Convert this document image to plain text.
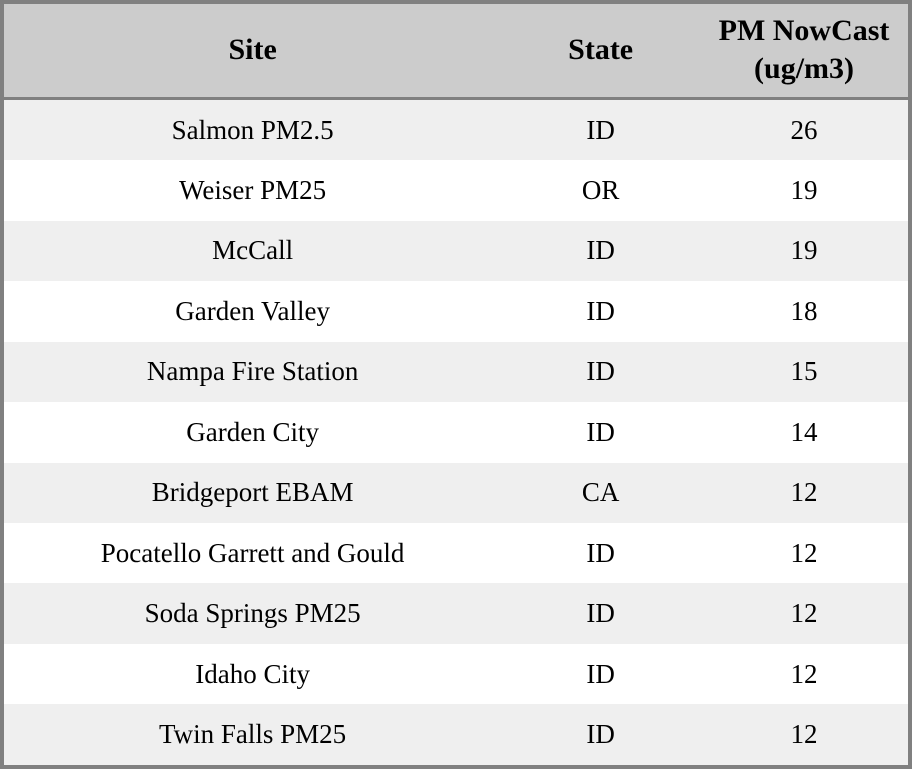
Site	State	PM NowCast (ug/m3)
Salmon PM2.5	ID	26
Weiser PM25	OR	19
McCall	ID	19
Garden Valley	ID	18
Nampa Fire Station	ID	15
Garden City	ID	14
Bridgeport EBAM	CA	12
Pocatello Garrett and Gould	ID	12
Soda Springs PM25	ID	12
Idaho City	ID	12
Twin Falls PM25	ID	12
